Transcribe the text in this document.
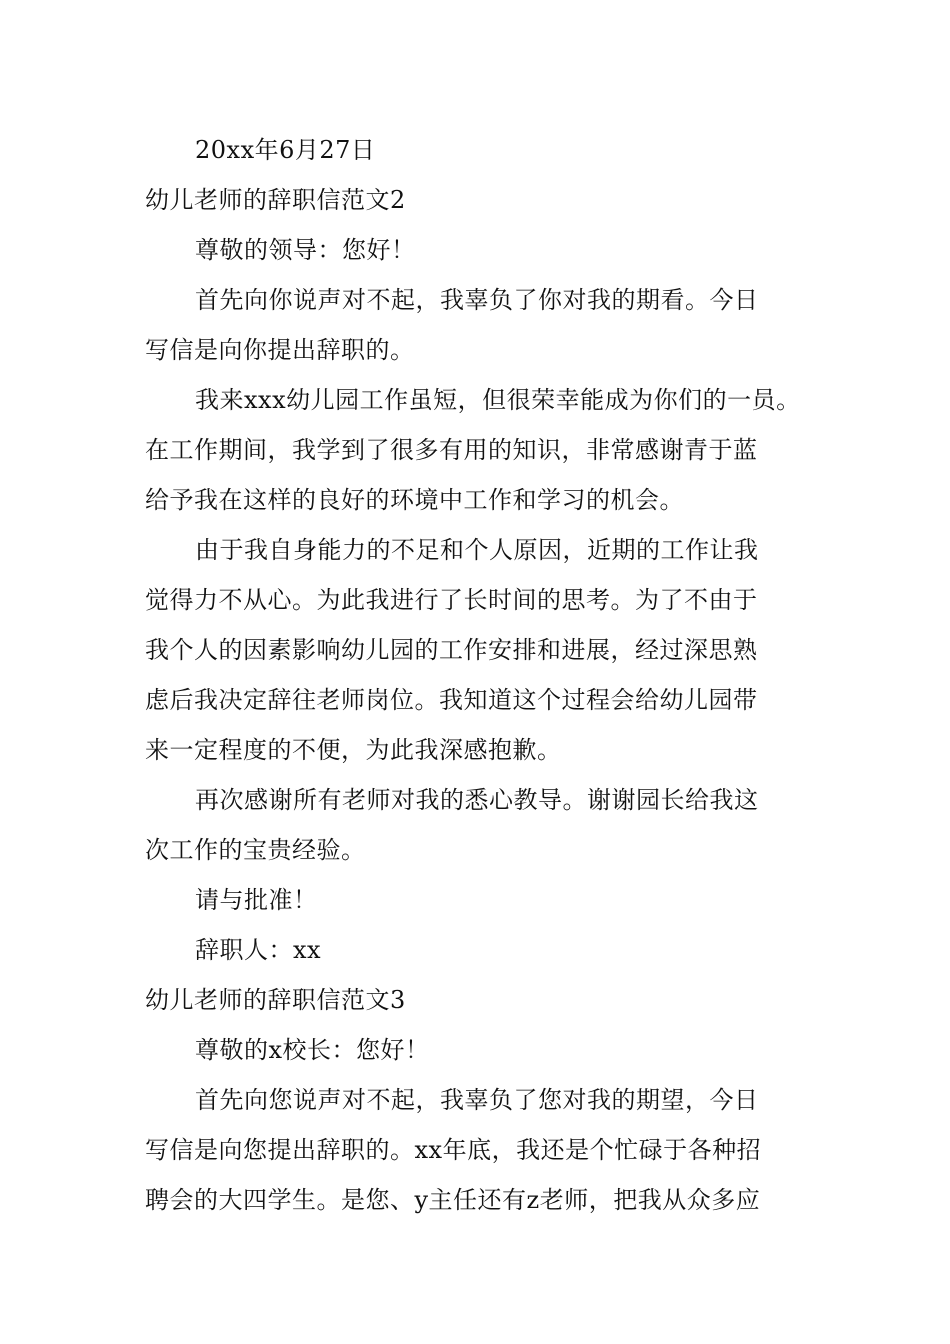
20xx年6月27日
幼儿老师的辞职信范文2
尊敬的领导：您好！
首先向你说声对不起，我辜负了你对我的期看。今日
写信是向你提出辞职的。
我来xxx幼儿园工作虽短，但很荣幸能成为你们的一员。
在工作期间，我学到了很多有用的知识，非常感谢青于蓝
给予我在这样的良好的环境中工作和学习的机会。
由于我自身能力的不足和个人原因，近期的工作让我
觉得力不从心。为此我进行了长时间的思考。为了不由于
我个人的因素影响幼儿园的工作安排和进展，经过深思熟
虑后我决定辞往老师岗位。我知道这个过程会给幼儿园带
来一定程度的不便，为此我深感抱歉。
再次感谢所有老师对我的悉心教导。谢谢园长给我这
次工作的宝贵经验。
请与批准！
辞职人：xx
幼儿老师的辞职信范文3
尊敬的x校长：您好！
首先向您说声对不起，我辜负了您对我的期望，今日
写信是向您提出辞职的。xx年底，我还是个忙碌于各种招
聘会的大四学生。是您、y主任还有z老师，把我从众多应
